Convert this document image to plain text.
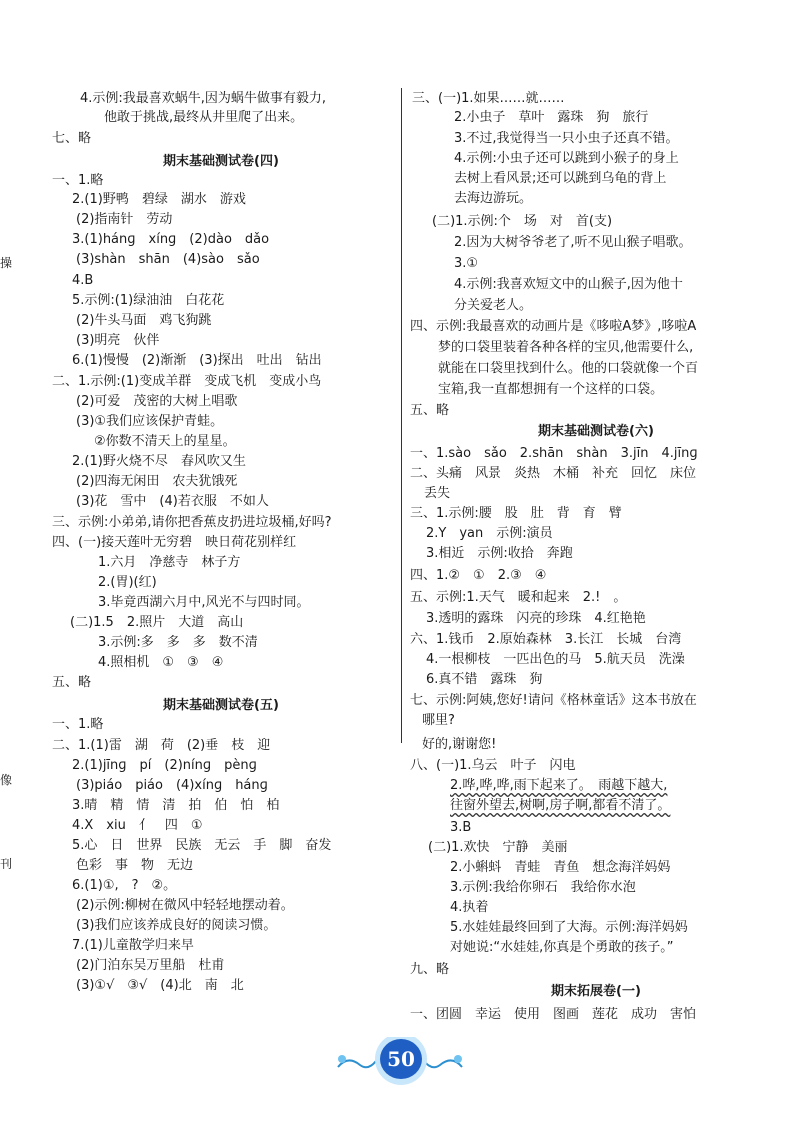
4.示例:我最喜欢蜗牛,因为蜗牛做事有毅力,
他敢于挑战,最终从井里爬了出来。
七、略
期末基础测试卷(四)
一、1.略
2.(1)野鸭　碧绿　湖水　游戏
(2)指南针　劳动
3.(1)hánɡ　xínɡ　(2)dào　dǎo
(3)shàn　shān　(4)sào　sǎo
4.B
5.示例:(1)绿油油　白花花
(2)牛头马面　鸡飞狗跳
(3)明亮　伙伴
6.(1)慢慢　(2)渐渐　(3)探出　吐出　钻出
二、1.示例:(1)变成羊群　变成飞机　变成小鸟
(2)可爱　茂密的大树上唱歌
(3)①我们应该保护青蛙。
②你数不清天上的星星。
2.(1)野火烧不尽　春风吹又生
(2)四海无闲田　农夫犹饿死
(3)花　雪中　(4)若衣服　不如人
三、示例:小弟弟,请你把香蕉皮扔进垃圾桶,好吗?
四、(一)接天莲叶无穷碧　映日荷花别样红
1.六月　净慈寺　林子方
2.(胃)(红)
3.毕竟西湖六月中,风光不与四时同。
(二)1.5　2.照片　大道　高山
3.示例:多　多　多　数不清
4.照相机　①　③　④
五、略
期末基础测试卷(五)
一、1.略
二、1.(1)雷　湖　荷　(2)垂　枝　迎
2.(1)jīnɡ　pí　(2)nínɡ　pènɡ
(3)piáo　piáo　(4)xínɡ　hánɡ
3.晴　精　情　清　拍　伯　怕　柏
4.X　xiu　亻　四　①
5.心　日　世界　民族　无云　手　脚　奋发
色彩　事　物　无边
6.(1)①,　?　②。
(2)示例:柳树在微风中轻轻地摆动着。
(3)我们应该养成良好的阅读习惯。
7.(1)儿童散学归来早
(2)门泊东吴万里船　杜甫
(3)①√　③√　(4)北　南　北
三、(一)1.如果……就……
2.小虫子　草叶　露珠　狗　旅行
3.不过,我觉得当一只小虫子还真不错。
4.示例:小虫子还可以跳到小猴子的身上
去树上看风景;还可以跳到乌龟的背上
去海边游玩。
(二)1.示例:个　场　对　首(支)
2.因为大树爷爷老了,听不见山猴子唱歌。
3.①
4.示例:我喜欢短文中的山猴子,因为他十
分关爱老人。
四、示例:我最喜欢的动画片是《哆啦A梦》,哆啦A
梦的口袋里装着各种各样的宝贝,他需要什么,
就能在口袋里找到什么。他的口袋就像一个百
宝箱,我一直都想拥有一个这样的口袋。
五、略
期末基础测试卷(六)
一、1.sào　sǎo　2.shān　shàn　3.jīn　4.jīnɡ
二、头痛　风景　炎热　木桶　补充　回忆　床位
丢失
三、1.示例:腰　股　肚　背　育　臂
2.Y　yan　示例:演员
3.相近　示例:收拾　奔跑
四、1.②　①　2.③　④
五、示例:1.天气　暖和起来　2.!　。
3.透明的露珠　闪亮的珍珠　4.红艳艳
六、1.钱币　2.原始森林　3.长江　长城　台湾
4.一根柳枝　一匹出色的马　5.航天员　洗澡
6.真不错　露珠　狗
七、示例:阿姨,您好!请问《格林童话》这本书放在
哪里?
好的,谢谢您!
八、(一)1.乌云　叶子　闪电
2.哗,哗,哗,雨下起来了。　雨越下越大,
往窗外望去,树啊,房子啊,都看不清了。
3.B
(二)1.欢快　宁静　美丽
2.小蝌蚪　青蛙　青鱼　想念海洋妈妈
3.示例:我给你卵石　我给你水泡
4.执着
5.水娃娃最终回到了大海。示例:海洋妈妈
对她说:“水娃娃,你真是个勇敢的孩子。”
九、略
期末拓展卷(一)
一、团圆　幸运　使用　图画　莲花　成功　害怕
操
像
刊
50
